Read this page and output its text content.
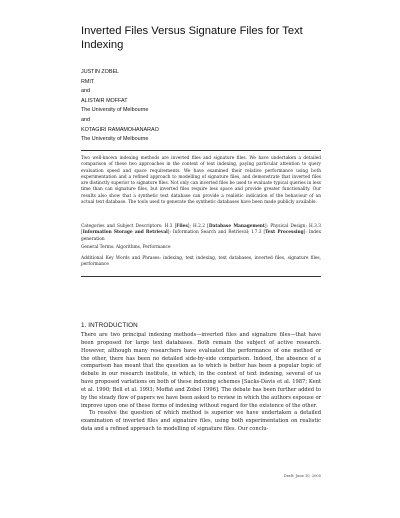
Inverted Files Versus Signature Files for Text Indexing
JUSTIN ZOBEL
RMIT
and
ALISTAIR MOFFAT
The University of Melbourne
and
KOTAGIRI RAMAMOHANARAO
The University of Melbourne
Two well-known indexing methods are inverted files and signature files. We have undertaken a detailed comparison of these two approaches in the context of text indexing, paying particular attention to query evaluation speed and space requirements. We have examined their relative performance using both experimentation and a refined approach to modelling of signature files, and demonstrate that inverted files are distinctly superior to signature files. Not only can inverted files be used to evaluate typical queries in less time than can signature files, but inverted files require less space and provide greater functionality. Our results also show that a synthetic text database can provide a realistic indication of the behaviour of an actual text database. The tools used to generate the synthetic databases have been made publicly available.
Categories and Subject Descriptors: H.3 [Files]; H.2.2 [Database Management]: Physical Design; H.3.3 [Information Storage and Retrieval]: Information Search and Retrieval; I.7.3 [Text Processing]: Index generation
General Terms: Algorithms, Performance
Additional Key Words and Phrases: indexing, text indexing, text databases, inverted files, signature files, performance
1. INTRODUCTION

There are two principal indexing methods—inverted files and signature files—that have been proposed for large text databases. Both remain the subject of active research. However, although many researchers have evaluated the performance of one method or the other, there has been no detailed side-by-side comparison. Indeed, the absence of a comparison has meant that the question as to which is better has been a popular topic of debate in our research institute, in which, in the context of text indexing, several of us have proposed variations on both of these indexing schemes [Sacks-Davis et al. 1987; Kent et al. 1990; Bell et al. 1993; Moffat and Zobel 1996]. The debate has been further added to by the steady flow of papers we have been asked to review in which the authors espouse or improve upon one of these forms of indexing without regard for the existence of the other.

To resolve the question of which method is superior we have undertaken a detailed examination of inverted files and signature files, using both experimentation on realistic data and a refined approach to modelling of signature files. Our conclu-

Draft: June 10, 2005
